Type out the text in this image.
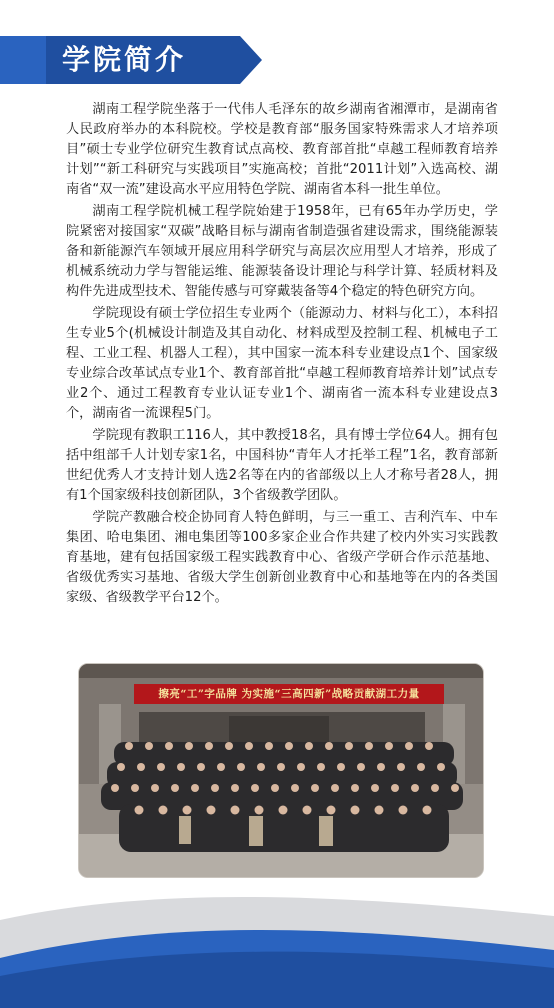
学院简介

湖南工程学院坐落于一代伟人毛泽东的故乡湖南省湘潭市，是湖南省人民政府举办的本科院校。学校是教育部“服务国家特殊需求人才培养项目”硕士专业学位研究生教育试点高校、教育部首批“卓越工程师教育培养计划”“新工科研究与实践项目”实施高校；首批“2011计划”入选高校、湖南省“双一流”建设高水平应用特色学院、湖南省本科一批生单位。

湖南工程学院机械工程学院始建于1958年，已有65年办学历史，学院紧密对接国家“双碳”战略目标与湖南省制造强省建设需求，围绕能源装备和新能源汽车领域开展应用科学研究与高层次应用型人才培养，形成了机械系统动力学与智能运维、能源装备设计理论与科学计算、轻质材料及构件先进成型技术、智能传感与可穿戴装备等4个稳定的特色研究方向。

学院现设有硕士学位招生专业两个（能源动力、材料与化工），本科招生专业5个(机械设计制造及其自动化、材料成型及控制工程、机械电子工程、工业工程、机器人工程），其中国家一流本科专业建设点1个、国家级专业综合改革试点专业1个、教育部首批“卓越工程师教育培养计划”试点专业2个、通过工程教育专业认证专业1个、湖南省一流本科专业建设点3个，湖南省一流课程5门。

学院现有教职工116人，其中教授18名，具有博士学位64人。拥有包括中组部千人计划专家1名，中国科协“青年人才托举工程”1名，教育部新世纪优秀人才支持计划人选2名等在内的省部级以上人才称号者28人，拥有1个国家级科技创新团队，3个省级教学团队。

学院产教融合校企协同育人特色鲜明，与三一重工、吉利汽车、中车集团、哈电集团、湘电集团等100多家企业合作共建了校内外实习实践教育基地，建有包括国家级工程实践教育中心、省级产学研合作示范基地、省级优秀实习基地、省级大学生创新创业教育中心和基地等在内的各类国家级、省级教学平台12个。

擦亮“工”字品牌 为实施“三高四新”战略贡献湖工力量
